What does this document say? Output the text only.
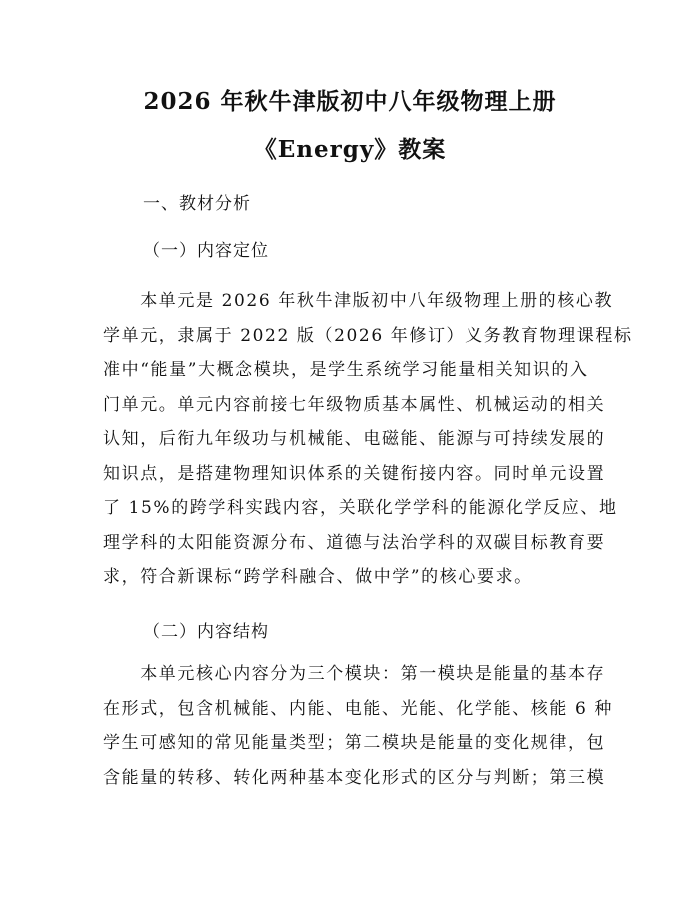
2026 年秋牛津版初中八年级物理上册
《Energy》教案
一、教材分析
（一）内容定位
　　本单元是 2026 年秋牛津版初中八年级物理上册的核心教
学单元，隶属于 2022 版（2026 年修订）义务教育物理课程标
准中“能量”大概念模块，是学生系统学习能量相关知识的入
门单元。单元内容前接七年级物质基本属性、机械运动的相关
认知，后衔九年级功与机械能、电磁能、能源与可持续发展的
知识点，是搭建物理知识体系的关键衔接内容。同时单元设置
了 15%的跨学科实践内容，关联化学学科的能源化学反应、地
理学科的太阳能资源分布、道德与法治学科的双碳目标教育要
求，符合新课标“跨学科融合、做中学”的核心要求。
（二）内容结构
　　本单元核心内容分为三个模块：第一模块是能量的基本存
在形式，包含机械能、内能、电能、光能、化学能、核能 6 种
学生可感知的常见能量类型；第二模块是能量的变化规律，包
含能量的转移、转化两种基本变化形式的区分与判断；第三模
